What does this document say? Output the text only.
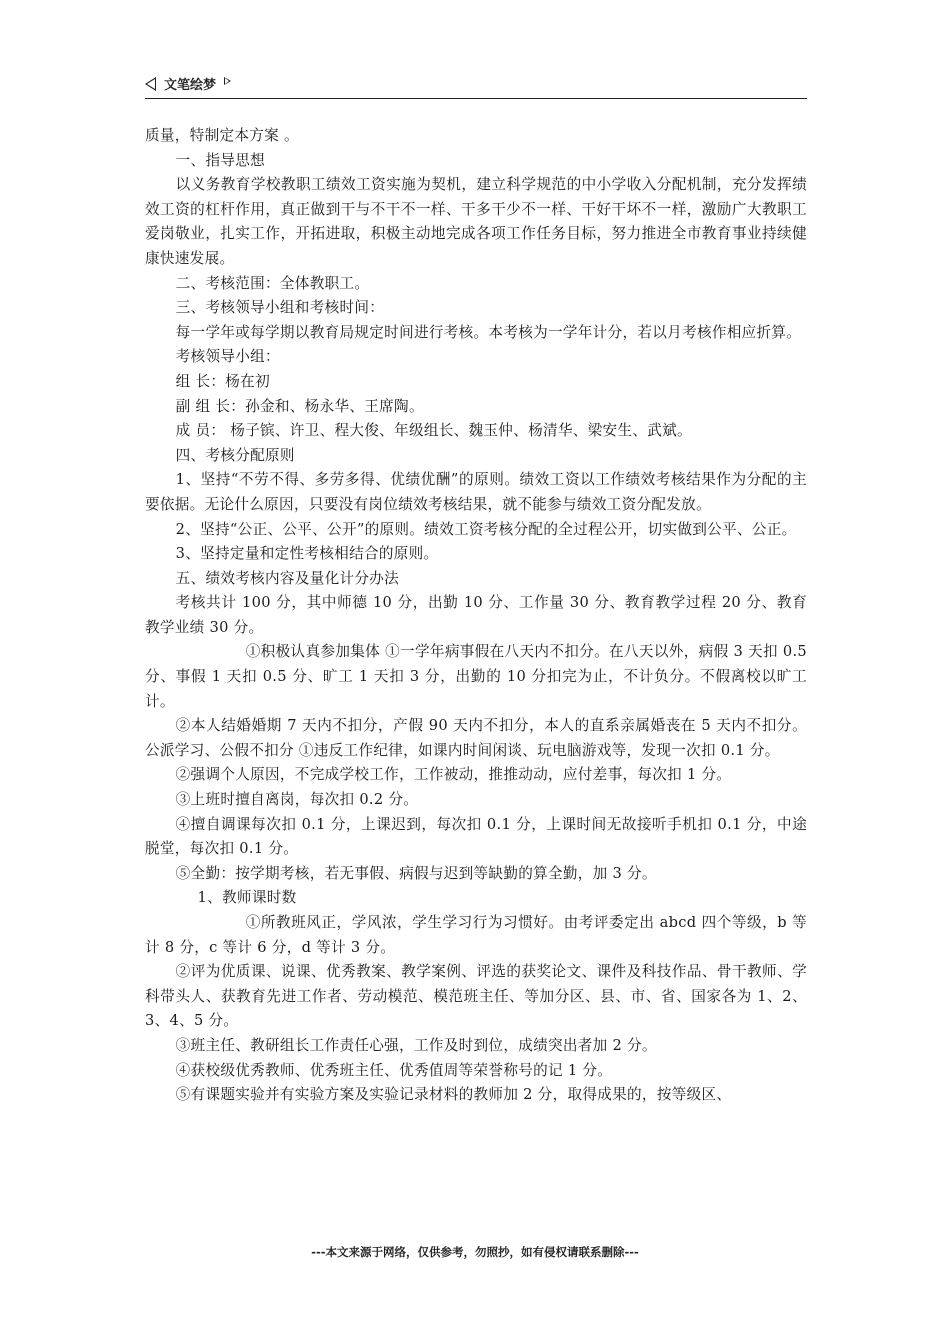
文笔绘梦

质量，特制定本方案 。

一、指导思想

以义务教育学校教职工绩效工资实施为契机，建立科学规范的中小学收入分配机制，充分发挥绩效工资的杠杆作用，真正做到干与不干不一样、干多干少不一样、干好干坏不一样，激励广大教职工爱岗敬业，扎实工作，开拓进取，积极主动地完成各项工作任务目标，努力推进全市教育事业持续健康快速发展。

二、考核范围：全体教职工。

三、考核领导小组和考核时间：

每一学年或每学期以教育局规定时间进行考核。本考核为一学年计分，若以月考核作相应折算。

考核领导小组：

组 长：杨在初

副 组 长：孙金和、杨永华、王席陶。

成 员： 杨子镔、许卫、程大俊、年级组长、魏玉仲、杨清华、梁安生、武斌。

四、考核分配原则

1、坚持“不劳不得、多劳多得、优绩优酬”的原则。绩效工资以工作绩效考核结果作为分配的主要依据。无论什么原因，只要没有岗位绩效考核结果，就不能参与绩效工资分配发放。

2、坚持“公正、公平、公开”的原则。绩效工资考核分配的全过程公开，切实做到公平、公正。

3、坚持定量和定性考核相结合的原则。

五、绩效考核内容及量化计分办法

考核共计 100 分，其中师德 10 分，出勤 10 分、工作量 30 分、教育教学过程 20 分、教育教学业绩 30 分。

①积极认真参加集体 ①一学年病事假在八天内不扣分。在八天以外，病假 3 天扣 0.5 分、事假 1 天扣 0.5 分、旷工 1 天扣 3 分，出勤的 10 分扣完为止，不计负分。不假离校以旷工计。

②本人结婚婚期 7 天内不扣分，产假 90 天内不扣分，本人的直系亲属婚丧在 5 天内不扣分。公派学习、公假不扣分 ①违反工作纪律，如课内时间闲谈、玩电脑游戏等，发现一次扣 0.1 分。

②强调个人原因，不完成学校工作，工作被动，推推动动，应付差事，每次扣 1 分。

③上班时擅自离岗，每次扣 0.2 分。

④擅自调课每次扣 0.1 分，上课迟到，每次扣 0.1 分，上课时间无故接听手机扣 0.1 分，中途脱堂，每次扣 0.1 分。

⑤全勤：按学期考核，若无事假、病假与迟到等缺勤的算全勤，加 3 分。

1、教师课时数

①所教班风正，学风浓，学生学习行为习惯好。由考评委定出 abcd 四个等级，b 等计 8 分，c 等计 6 分，d 等计 3 分。

②评为优质课、说课、优秀教案、教学案例、评选的获奖论文、课件及科技作品、骨干教师、学科带头人、获教育先进工作者、劳动模范、模范班主任、等加分区、县、市、省、国家各为 1、2、3、4、5 分。

③班主任、教研组长工作责任心强，工作及时到位，成绩突出者加 2 分。

④获校级优秀教师、优秀班主任、优秀值周等荣誉称号的记 1 分。

⑤有课题实验并有实验方案及实验记录材料的教师加 2 分，取得成果的，按等级区、

---本文来源于网络，仅供参考，勿照抄，如有侵权请联系删除---
